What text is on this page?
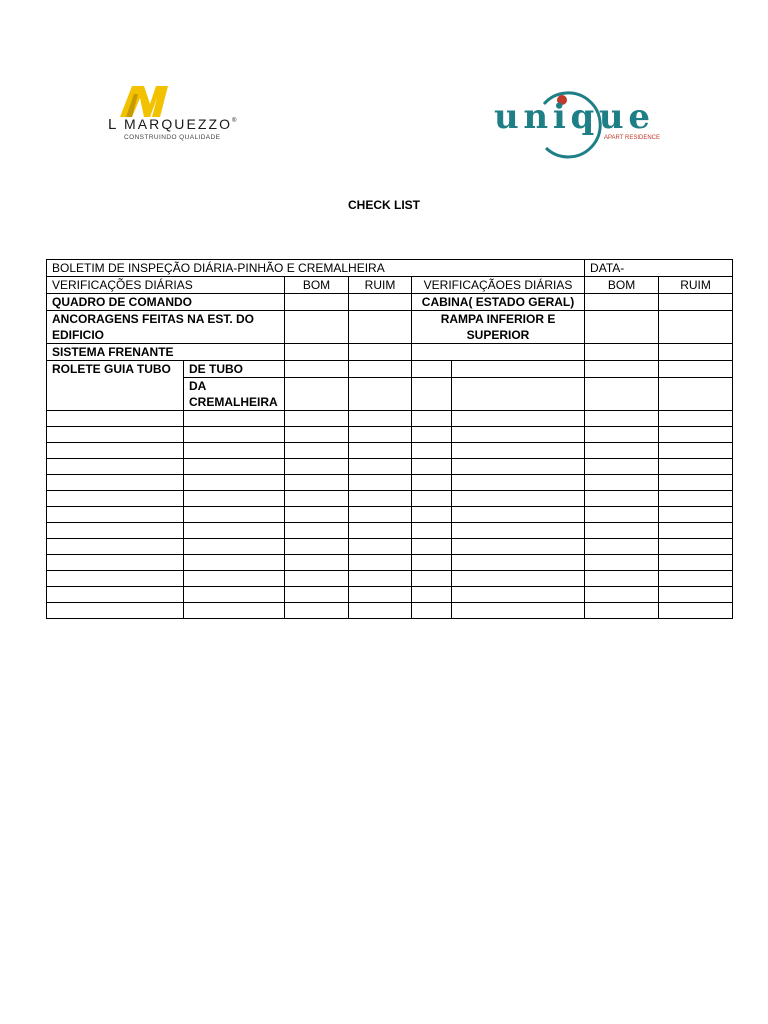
L MARQUEZZO ®
CONSTRUINDO QUALIDADE
unique
APART RESIDENCE
CHECK LIST
BOLETIM DE INSPEÇÃO DIÁRIA-PINHÃO E CREMALHEIRA						DATA-	
VERIFICAÇÕES DIÁRIAS		BOM	RUIM	VERIFICAÇÃOES DIÁRIAS		BOM	RUIM
QUADRO DE COMANDO				CABINA( ESTADO GERAL)			
ANCORAGENS FEITAS NA EST. DO EDIFICIO				RAMPA INFERIOR E SUPERIOR			
SISTEMA FRENANTE							
ROLETE GUIA TUBO	DE TUBO						
	DA CREMALHEIRA						
